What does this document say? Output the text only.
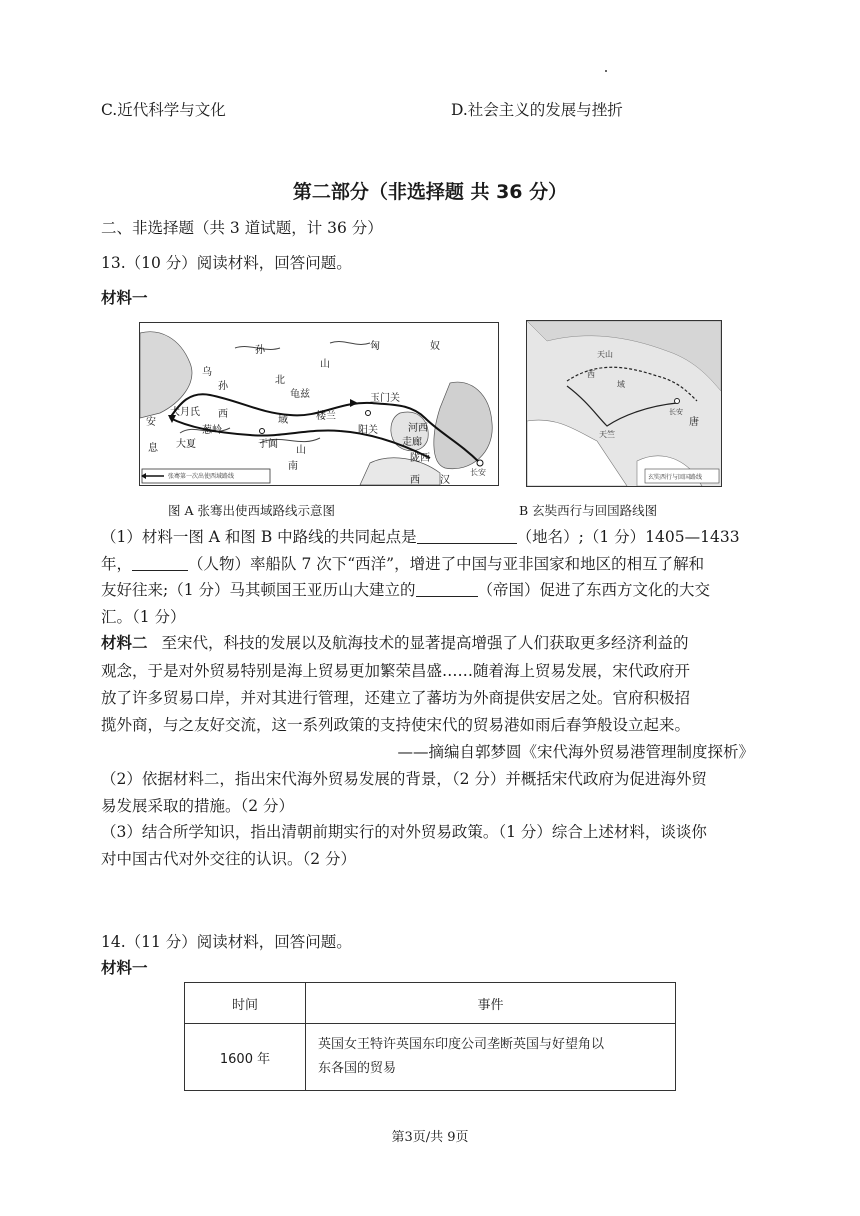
C.近代科学与文化	D.社会主义的发展与挫折
第二部分（非选择题 共 36 分）
二、非选择题（共 3 道试题，计 36 分）
13.（10 分）阅读材料，回答问题。
材料一
张骞第一次出使西域路线
孙
山
匈	奴
乌
孙
北
龟兹	玉门关
大月氏 西	楼兰
域
阳关
安
葱岭
于阗
河西
息 大夏
山
走廊
陇西
长安
南
西 汉
天山
西
域
长安
唐
天竺
玄奘西行与回国路线
图 A 张骞出使西域路线示意图	B 玄奘西行与回国路线图
（1）材料一图 A 和图 B 中路线的共同起点是	（地名）;（1 分）1405—1433
年，	（人物）率船队 7 次下“西洋”，增进了中国与亚非国家和地区的相互了解和
友好往来;（1 分）马其顿国王亚历山大建立的	（帝国）促进了东西方文化的大交
汇。（1 分）
材料二 至宋代，科技的发展以及航海技术的显著提高增强了人们获取更多经济利益的
观念，于是对外贸易特别是海上贸易更加繁荣昌盛……随着海上贸易发展，宋代政府开
放了许多贸易口岸，并对其进行管理，还建立了蕃坊为外商提供安居之处。官府积极招
揽外商，与之友好交流，这一系列政策的支持使宋代的贸易港如雨后春笋般设立起来。
——摘编自郭梦圆《宋代海外贸易港管理制度探析》
（2）依据材料二，指出宋代海外贸易发展的背景，（2 分）并概括宋代政府为促进海外贸
易发展采取的措施。（2 分）
（3）结合所学知识，指出清朝前期实行的对外贸易政策。（1 分）综合上述材料，谈谈你
对中国古代对外交往的认识。（2 分）
14.（11 分）阅读材料，回答问题。
材料一
时间	事件
1600 年	英国女王特许英国东印度公司垄断英国与好望角以
东各国的贸易
第3页/共 9页
